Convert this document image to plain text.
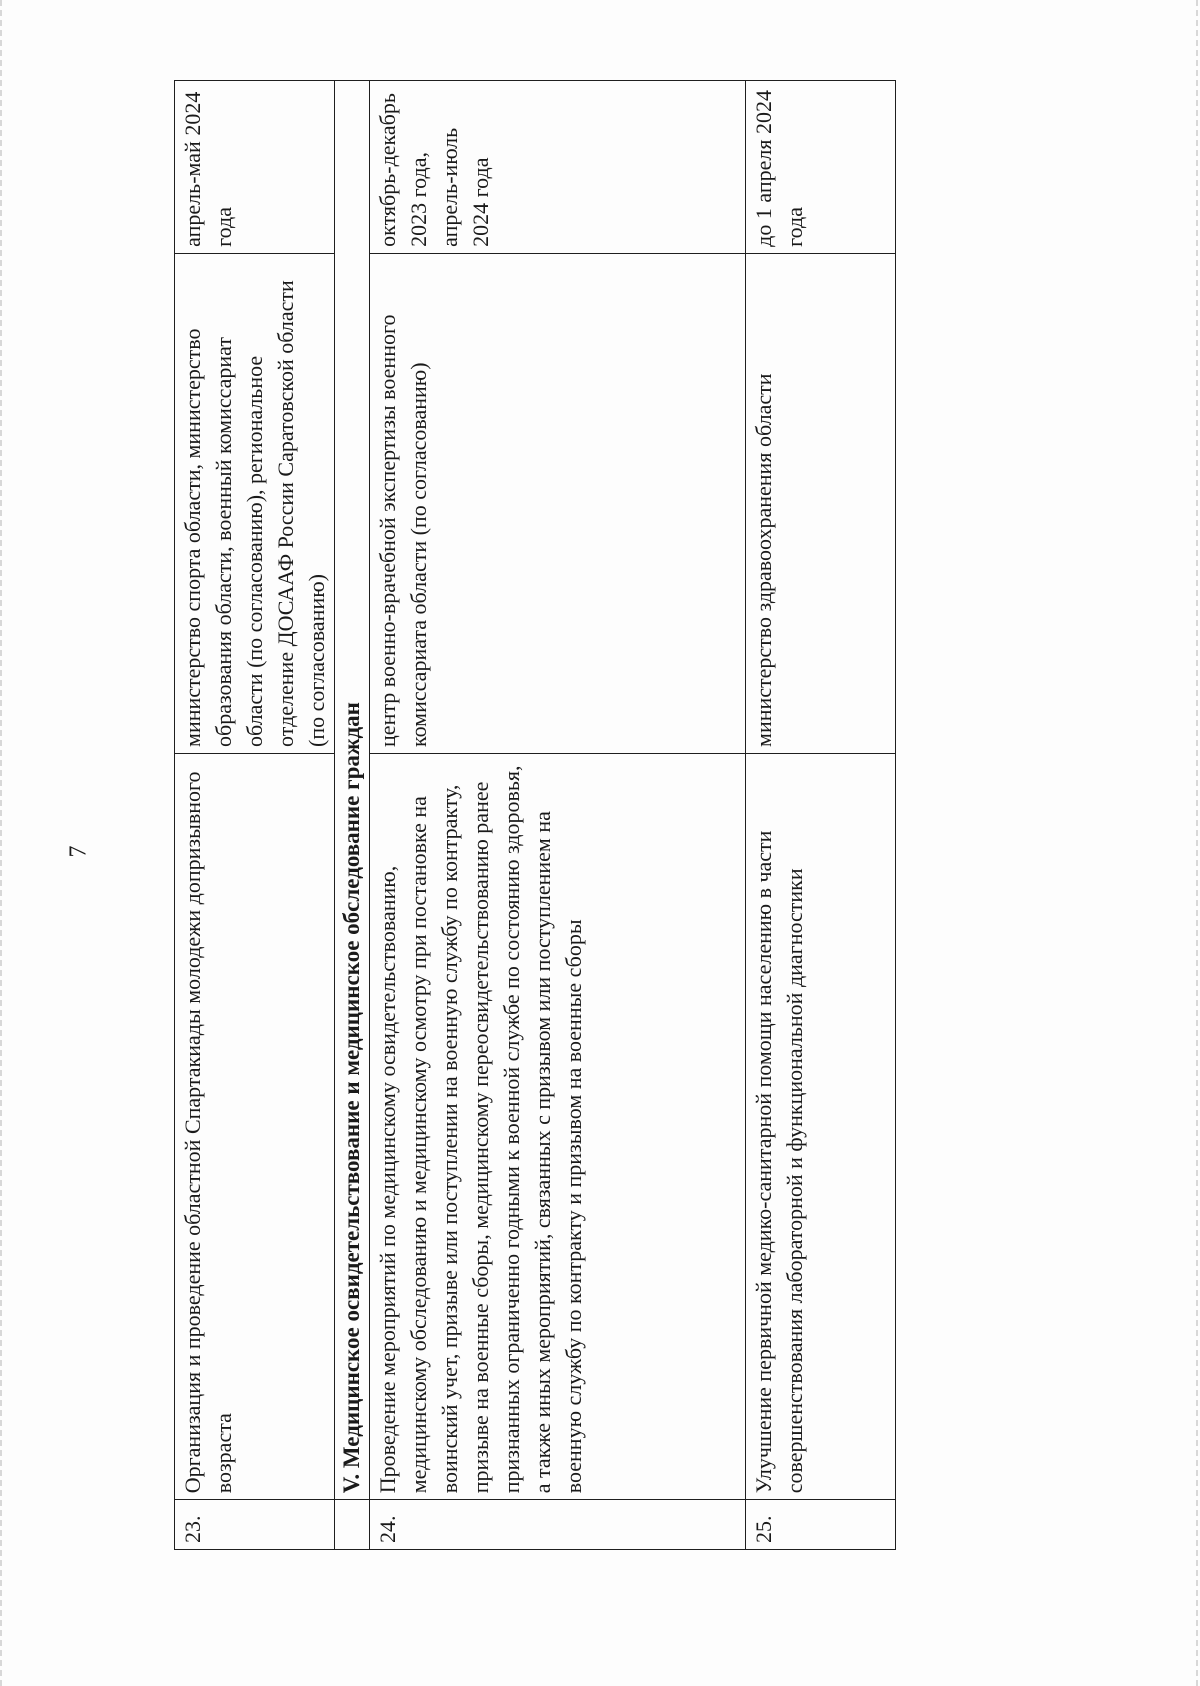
7
23.	Организация и проведение областной Спартакиады молодежи допризывного возраста	министерство спорта области, министерство образования области, военный комиссариат области (по согласованию), региональное отделение ДОСААФ России Саратовской области (по согласованию)	апрель-май 2024 года
	V. Медицинское освидетельствование и медицинское обследование граждан		
24.	Проведение мероприятий по медицинскому освидетельствованию, медицинскому обследованию и медицинскому осмотру при постановке на воинский учет, призыве или поступлении на военную службу по контракту, призыве на военные сборы, медицинскому переосвидетельствованию ранее признанных ограниченно годными к военной службе по состоянию здоровья, а также иных мероприятий, связанных с призывом или поступлением на военную службу по контракту и призывом на военные сборы	центр военно-врачебной экспертизы военного комиссариата области (по согласованию)	октябрь-декабрь 2023 года, апрель-июль 2024 года
25.	Улучшение первичной медико-санитарной помощи населению в части совершенствования лабораторной и функциональной диагностики	министерство здравоохранения области	до 1 апреля 2024 года
